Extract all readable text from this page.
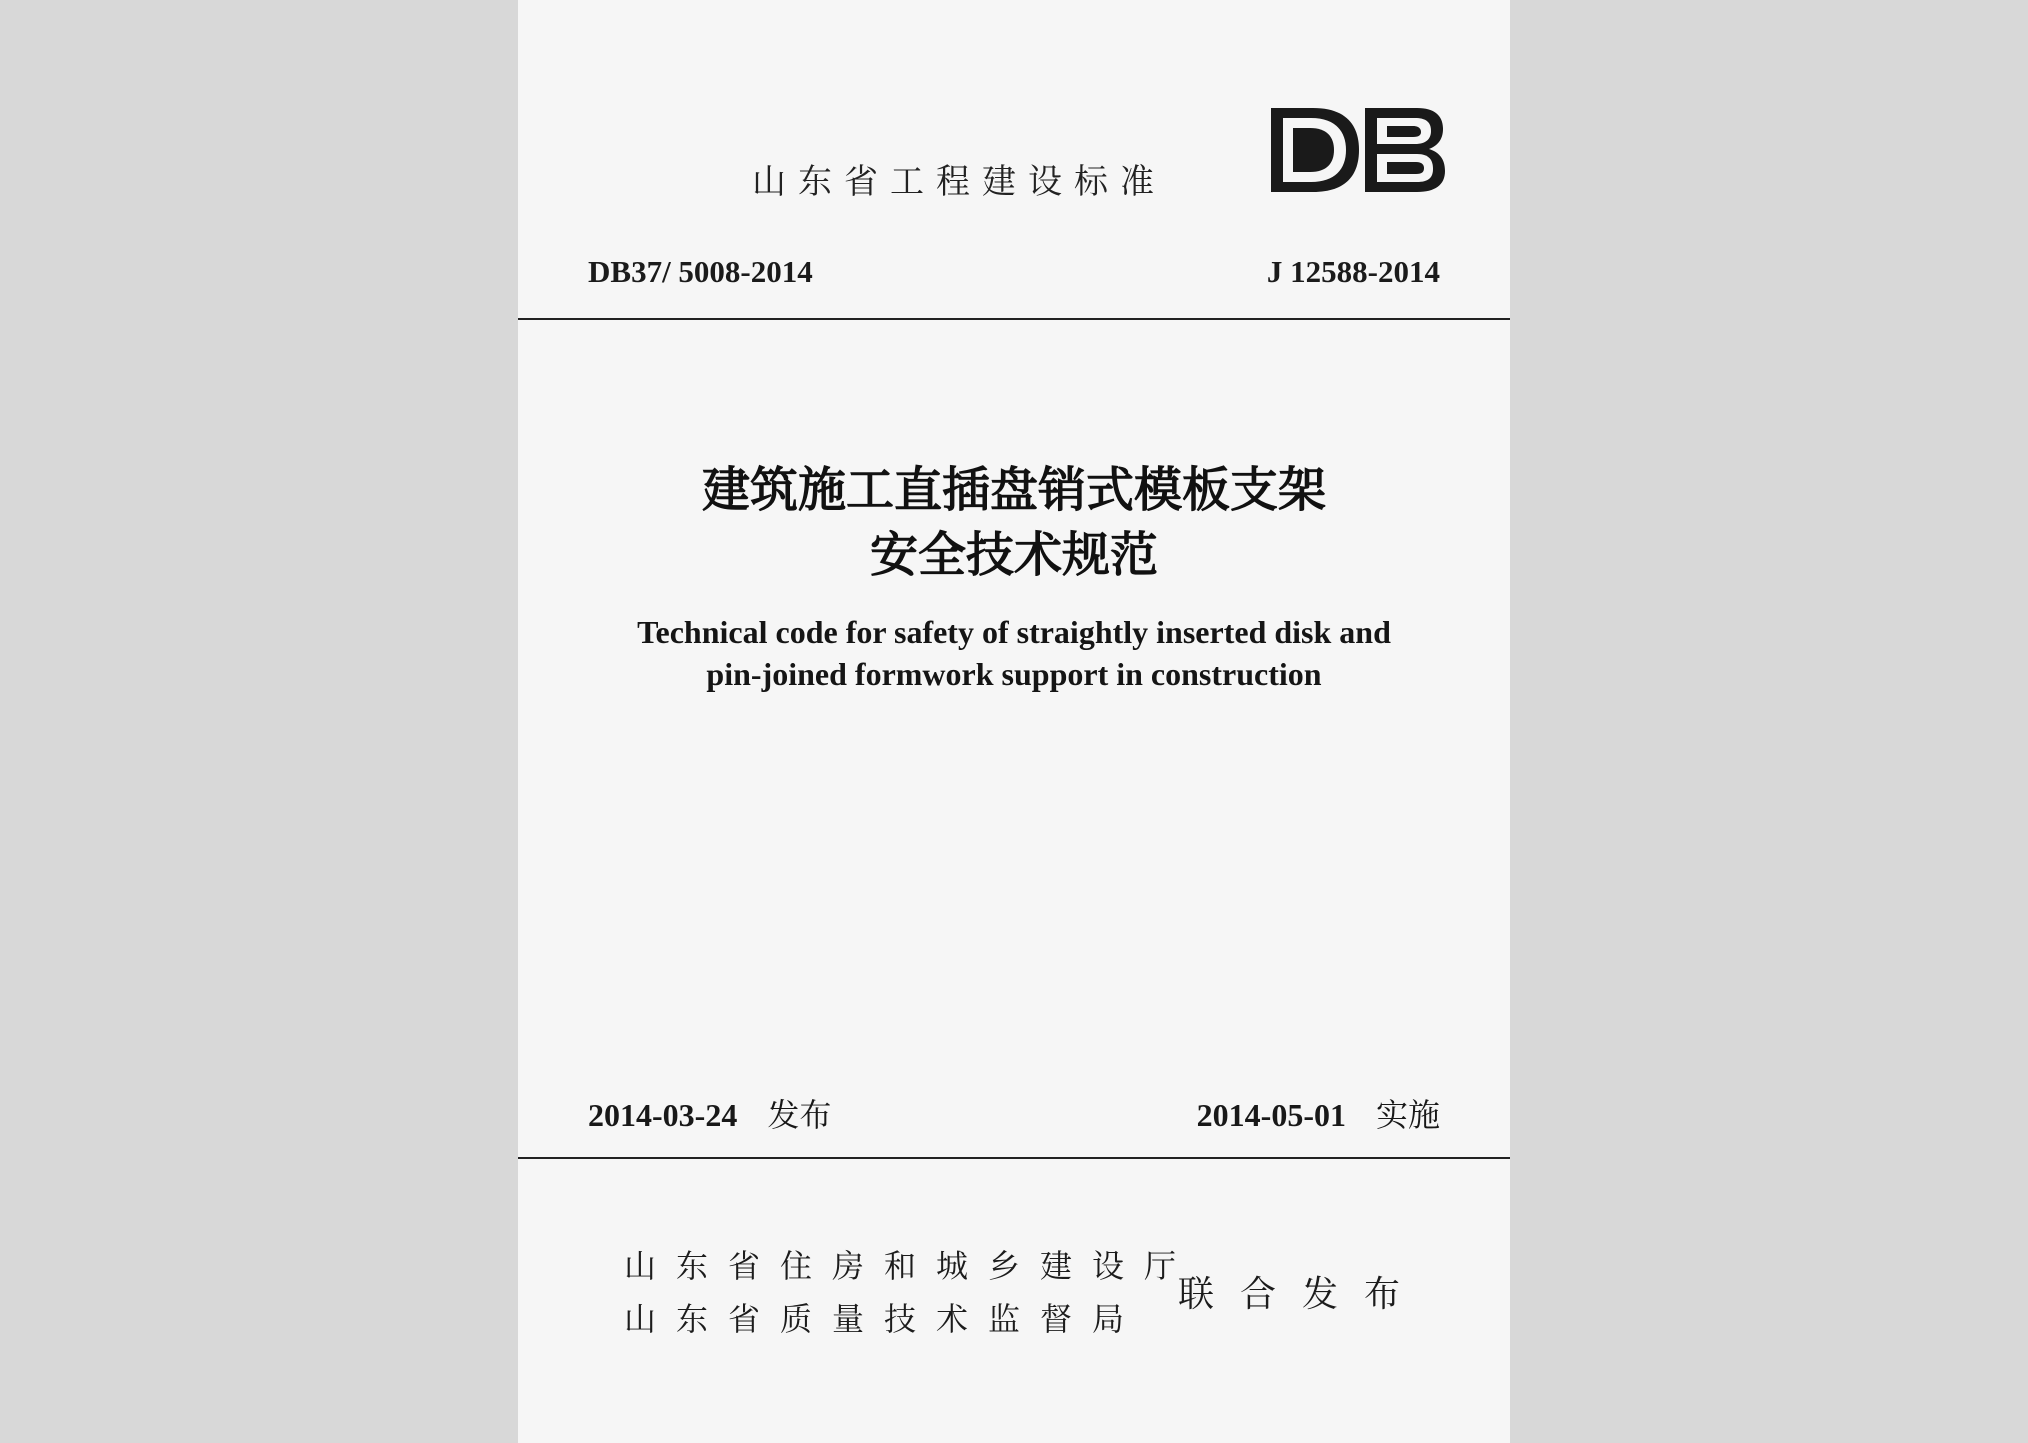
山东省工程建设标准
DB37/ 5008-2014	J 12588-2014
建筑施工直插盘销式模板支架
安全技术规范
Technical code for safety of straightly inserted disk and
pin-joined formwork support in construction
2014-03-24 发布	2014-05-01 实施
山东省住房和城乡建设厅
山东省质量技术监督局
联合发布
